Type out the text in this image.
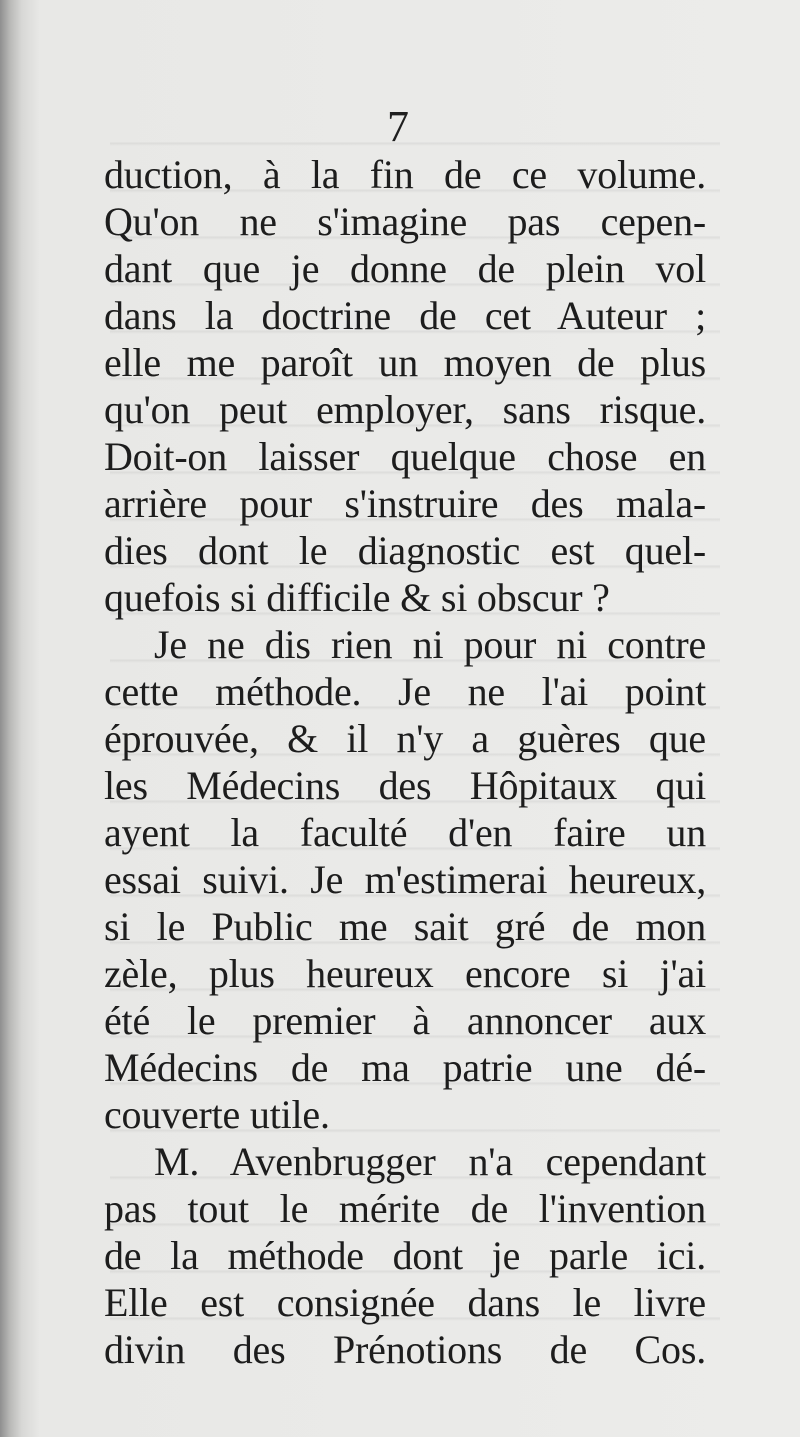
7
duction, à la fin de ce volume.
Qu'on ne s'imagine pas cepen-
dant que je donne de plein vol
dans la doctrine de cet Auteur ;
elle me paroît un moyen de plus
qu'on peut employer, sans risque.
Doit-on laisser quelque chose en
arrière pour s'instruire des mala-
dies dont le diagnostic est quel-
quefois si difficile & si obscur ?
Je ne dis rien ni pour ni contre
cette méthode. Je ne l'ai point
éprouvée, & il n'y a guères que
les Médecins des Hôpitaux qui
ayent la faculté d'en faire un
essai suivi. Je m'estimerai heureux,
si le Public me sait gré de mon
zèle, plus heureux encore si j'ai
été le premier à annoncer aux
Médecins de ma patrie une dé-
couverte utile.
M. Avenbrugger n'a cependant
pas tout le mérite de l'invention
de la méthode dont je parle ici.
Elle est consignée dans le livre
divin des Prénotions de Cos.
